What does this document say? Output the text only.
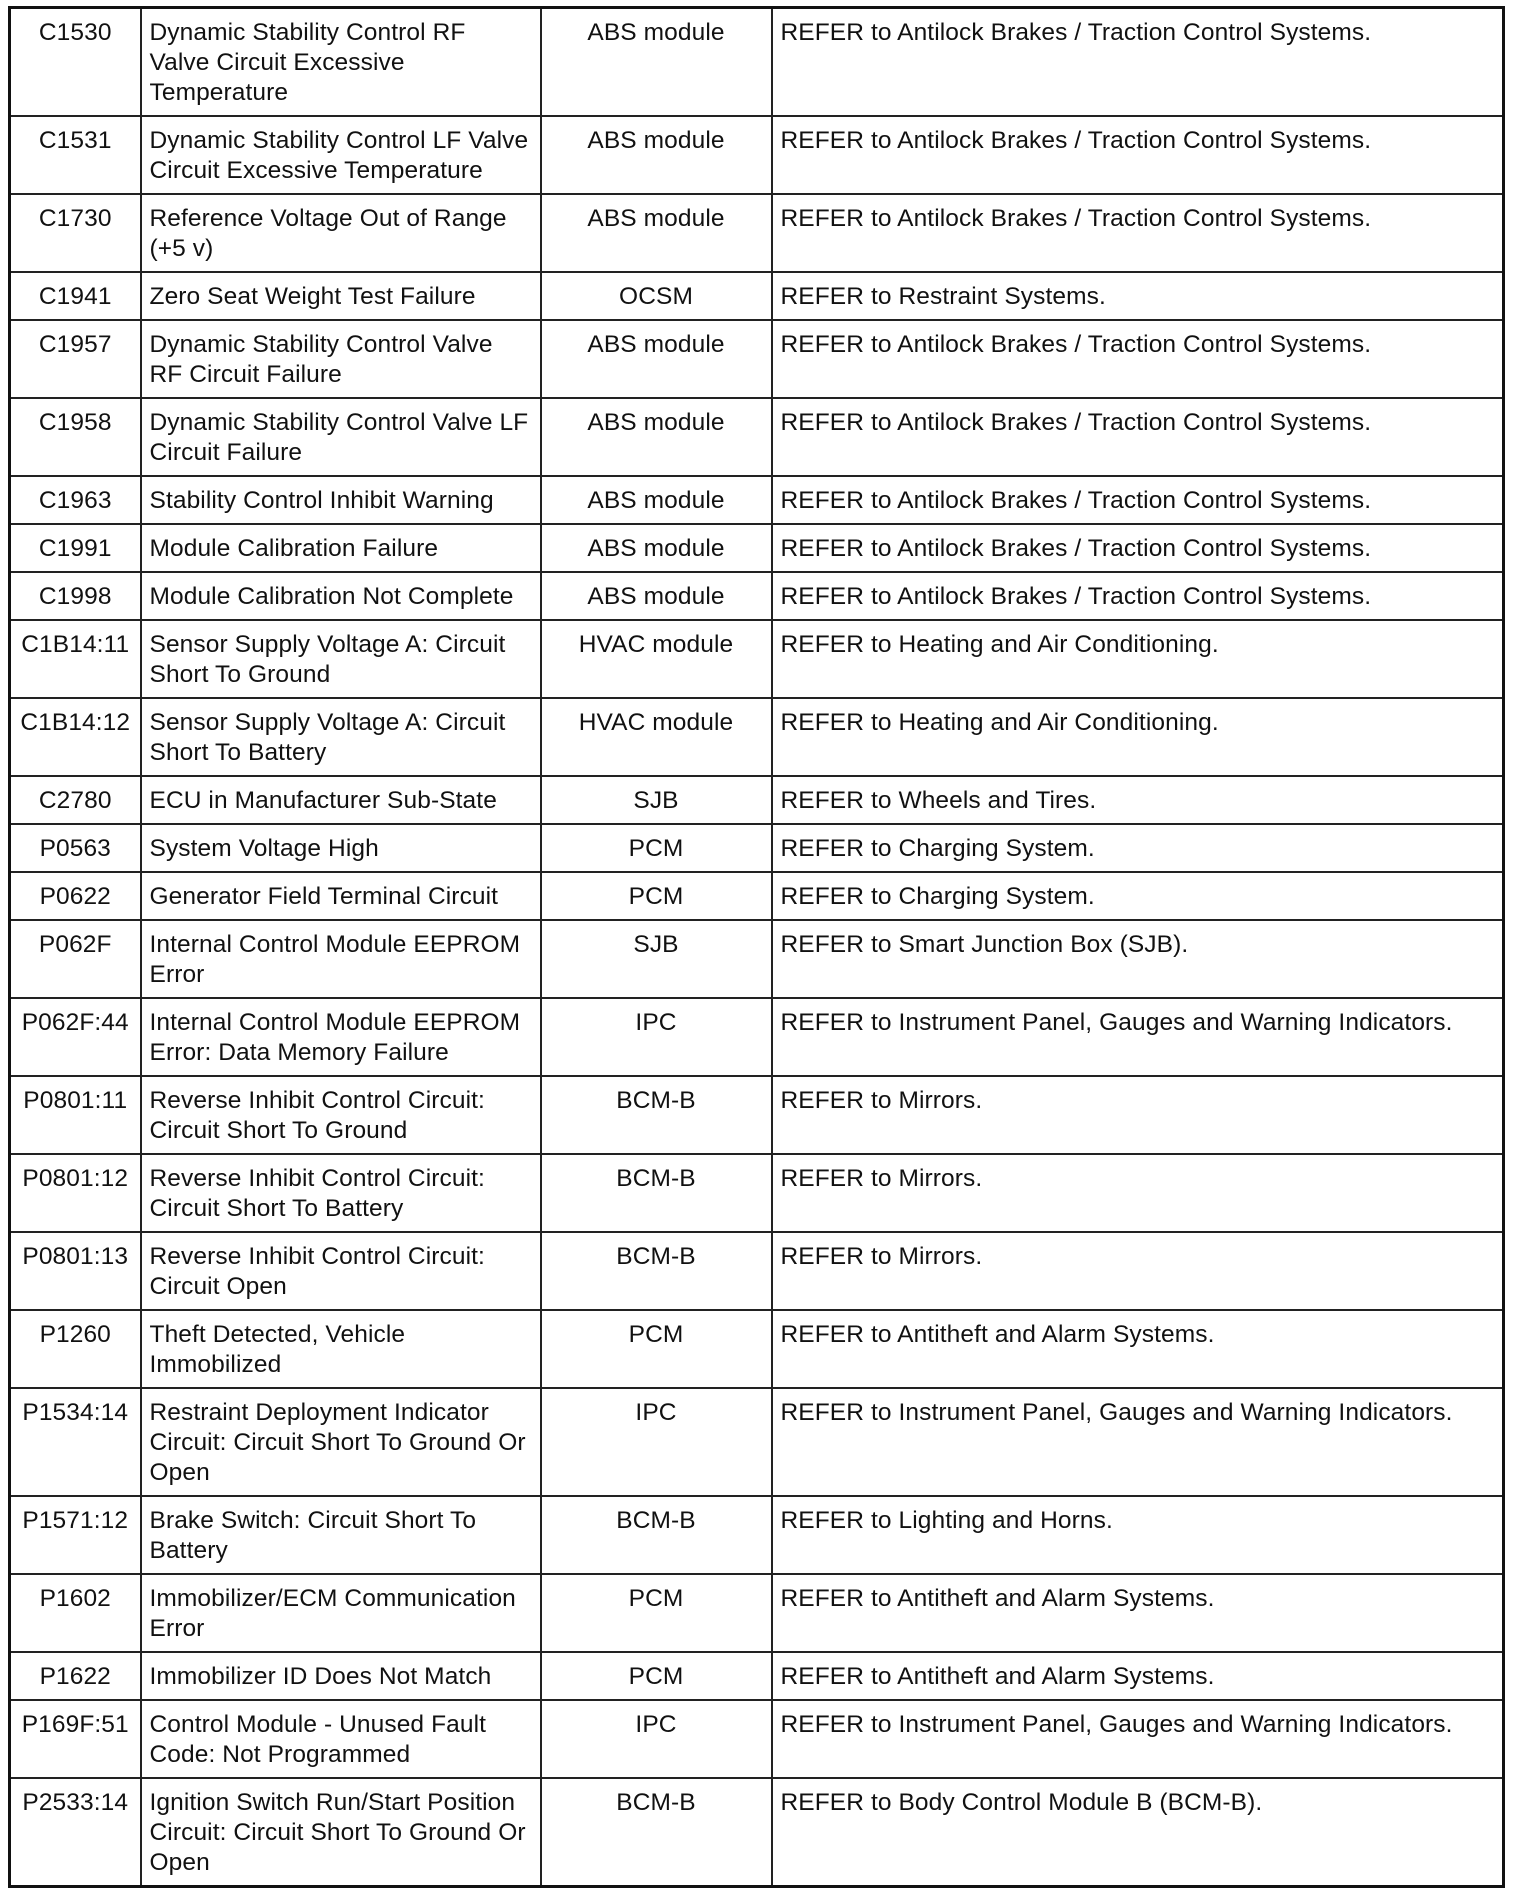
C1530	Dynamic Stability Control RF Valve Circuit Excessive Temperature	ABS module	REFER to Antilock Brakes / Traction Control Systems.
C1531	Dynamic Stability Control LF Valve Circuit Excessive Temperature	ABS module	REFER to Antilock Brakes / Traction Control Systems.
C1730	Reference Voltage Out of Range (+5 v)	ABS module	REFER to Antilock Brakes / Traction Control Systems.
C1941	Zero Seat Weight Test Failure	OCSM	REFER to Restraint Systems.
C1957	Dynamic Stability Control Valve RF Circuit Failure	ABS module	REFER to Antilock Brakes / Traction Control Systems.
C1958	Dynamic Stability Control Valve LF Circuit Failure	ABS module	REFER to Antilock Brakes / Traction Control Systems.
C1963	Stability Control Inhibit Warning	ABS module	REFER to Antilock Brakes / Traction Control Systems.
C1991	Module Calibration Failure	ABS module	REFER to Antilock Brakes / Traction Control Systems.
C1998	Module Calibration Not Complete	ABS module	REFER to Antilock Brakes / Traction Control Systems.
C1B14:11	Sensor Supply Voltage A: Circuit Short To Ground	HVAC module	REFER to Heating and Air Conditioning.
C1B14:12	Sensor Supply Voltage A: Circuit Short To Battery	HVAC module	REFER to Heating and Air Conditioning.
C2780	ECU in Manufacturer Sub-State	SJB	REFER to Wheels and Tires.
P0563	System Voltage High	PCM	REFER to Charging System.
P0622	Generator Field Terminal Circuit	PCM	REFER to Charging System.
P062F	Internal Control Module EEPROM Error	SJB	REFER to Smart Junction Box (SJB).
P062F:44	Internal Control Module EEPROM Error: Data Memory Failure	IPC	REFER to Instrument Panel, Gauges and Warning Indicators.
P0801:11	Reverse Inhibit Control Circuit: Circuit Short To Ground	BCM-B	REFER to Mirrors.
P0801:12	Reverse Inhibit Control Circuit: Circuit Short To Battery	BCM-B	REFER to Mirrors.
P0801:13	Reverse Inhibit Control Circuit: Circuit Open	BCM-B	REFER to Mirrors.
P1260	Theft Detected, Vehicle Immobilized	PCM	REFER to Antitheft and Alarm Systems.
P1534:14	Restraint Deployment Indicator Circuit: Circuit Short To Ground Or Open	IPC	REFER to Instrument Panel, Gauges and Warning Indicators.
P1571:12	Brake Switch: Circuit Short To Battery	BCM-B	REFER to Lighting and Horns.
P1602	Immobilizer/ECM Communication Error	PCM	REFER to Antitheft and Alarm Systems.
P1622	Immobilizer ID Does Not Match	PCM	REFER to Antitheft and Alarm Systems.
P169F:51	Control Module - Unused Fault Code: Not Programmed	IPC	REFER to Instrument Panel, Gauges and Warning Indicators.
P2533:14	Ignition Switch Run/Start Position Circuit: Circuit Short To Ground Or Open	BCM-B	REFER to Body Control Module B (BCM-B).
